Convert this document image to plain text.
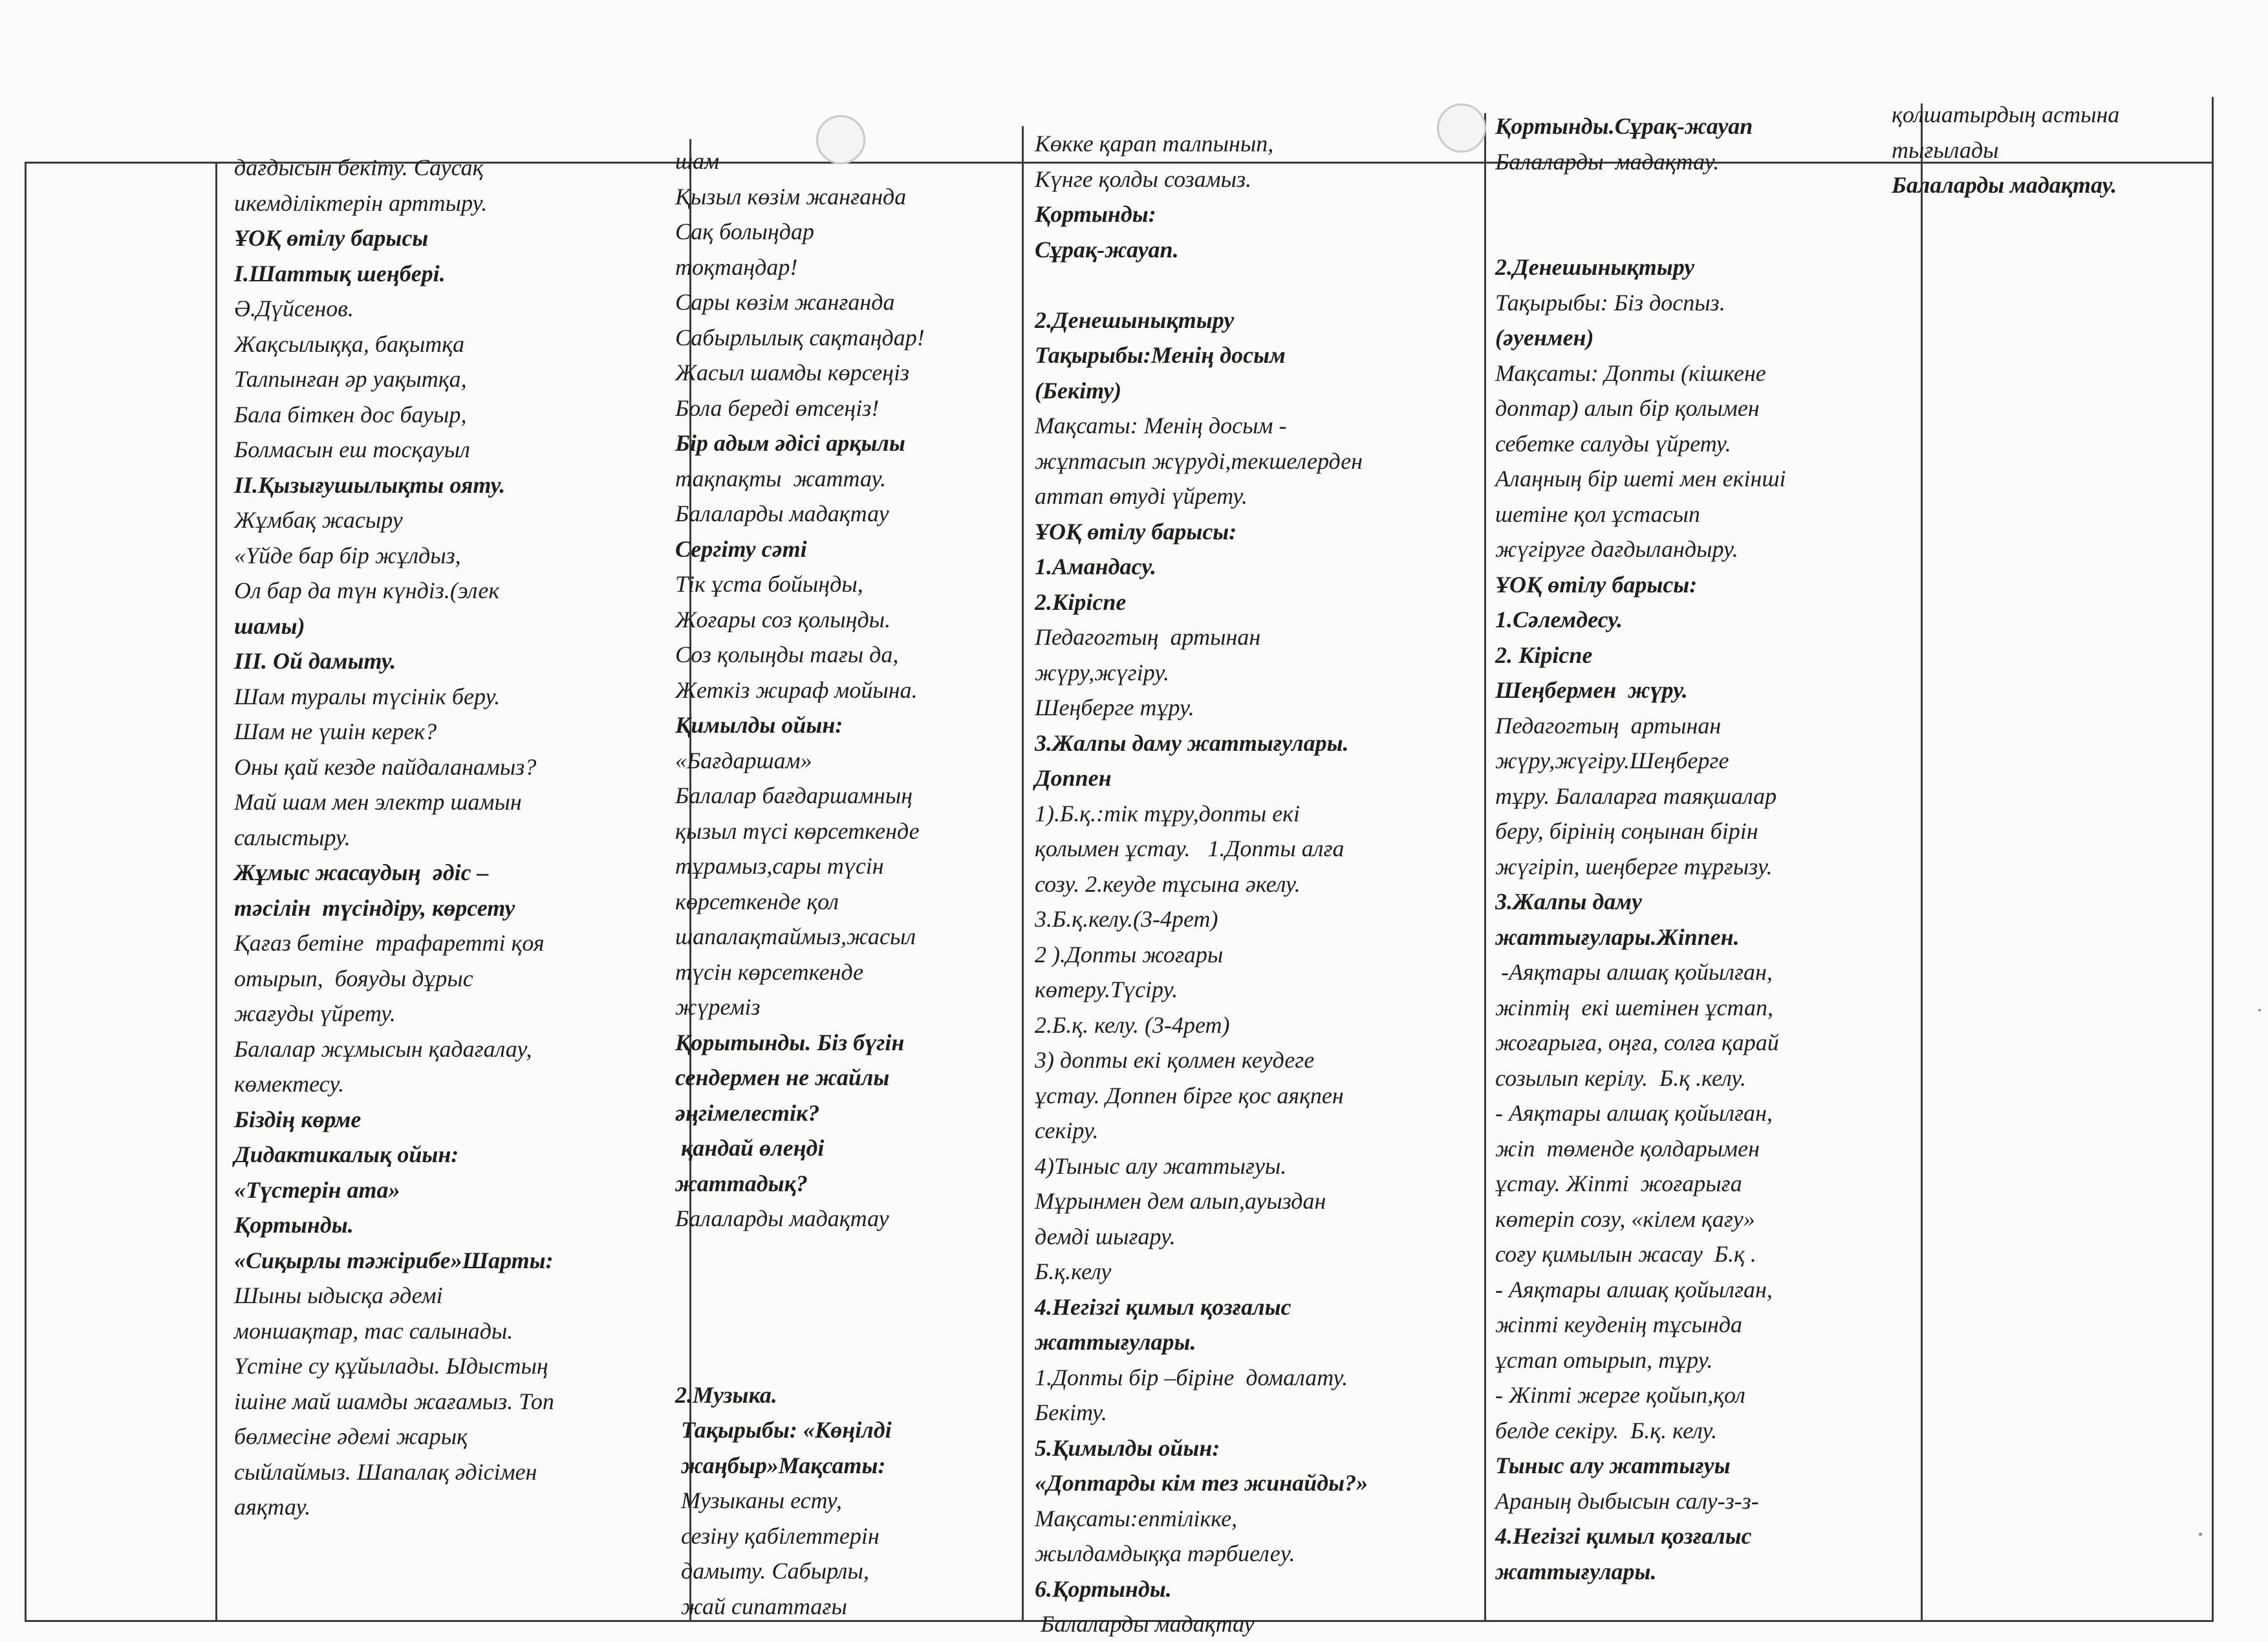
дағдысын бекіту. Саусақ
икемділіктерін арттыру.
ҰОҚ өтілу барысы
I.Шаттық шеңбері.
Ә.Дүйсенов.
Жақсылыққа, бақытқа
Талпынған әр уақытқа,
Бала біткен дос бауыр,
Болмасын еш тосқауыл
II.Қызығушылықты ояту.
Жұмбақ жасыру
«Үйде бар бір жұлдыз,
Ол бар да түн күндіз.(элек
шамы)
III. Ой дамыту.
Шам туралы түсінік беру.
Шам не үшін керек?
Оны қай кезде пайдаланамыз?
Май шам мен электр шамын
салыстыру.
Жұмыс жасаудың  әдіс –
тәсілін  түсіндіру, көрсету
Қағаз бетіне  трафаретті қоя
отырып,  бояуды дұрыс
жағуды үйрету.
Балалар жұмысын қадағалау,
көмектесу.
Біздің көрме
Дидактикалық ойын:
«Түстерін ата»
Қортынды.
«Сиқырлы тәжірибе»Шарты:
Шыны ыдысқа әдемі
моншақтар, тас салынады.
Үстіне су құйылады. Ыдыстың
ішіне май шамды жағамыз. Топ
бөлмесіне әдемі жарық
сыйлаймыз. Шапалақ әдісімен
аяқтау.
шам
Қызыл көзім жанғанда
Сақ болыңдар
тоқтаңдар!
Сары көзім жанғанда
Сабырлылық сақтаңдар!
Жасыл шамды көрсеңіз
Бола береді өтсеңіз!
Бір адым әдісі арқылы
тақпақты  жаттау.
Балаларды мадақтау
Сергіту сәті
Тік ұста бойыңды,
Жоғары соз қолыңды.
Соз қолыңды тағы да,
Жеткіз жираф мойына.
Қимылды ойын:
«Бағдаршам»
Балалар бағдаршамның
қызыл түсі көрсеткенде
тұрамыз,сары түсін
көрсеткенде қол
шапалақтаймыз,жасыл
түсін көрсеткенде
жүреміз
Қорытынды. Біз бүгін
сендермен не жайлы
әңгімелестік?
қандай өлеңді
жаттадық?
Балаларды мадақтау
2.Музыка.
Тақырыбы: «Көңілді
жаңбыр»Мақсаты:
Музыканы есту,
сезіну қабілеттерін
дамыту. Сабырлы,
жай сипаттағы
Көкке қарап талпынып,
Күнге қолды созамыз.
Қортынды:
Сұрақ-жауап.
2.Денешынықтыру
Тақырыбы:Менің досым
(Бекіту)
Мақсаты: Менің досым -
жұптасып жүруді,текшелерден
аттап өтуді үйрету.
ҰОҚ өтілу барысы:
1.Амандасу.
2.Кіріспе
Педагогтың  артынан
жүру,жүгіру.
Шеңберге тұру.
3.Жалпы даму жаттығулары.
Доппен
1).Б.қ.:тік тұру,допты екі
қолымен ұстау.   1.Допты алға
созу. 2.кеуде тұсына әкелу.
3.Б.қ.келу.(3-4рет)
2 ).Допты жоғары
көтеру.Түсіру.
2.Б.қ. келу. (3-4рет)
3) допты екі қолмен кеудеге
ұстау. Доппен бірге қос аяқпен
секіру.
4)Тыныс алу жаттығуы.
Мұрынмен дем алып,ауыздан
демді шығару.
Б.қ.келу
4.Негізгі қимыл қозғалыс
жаттығулары.
1.Допты бір –біріне  домалату.
Бекіту.
5.Қимылды ойын:
«Доптарды кім тез жинайды?»
Мақсаты:ептілікке,
жылдамдыққа тәрбиелеу.
6.Қортынды.
Балаларды мадақтау
Қортынды.Сұрақ-жауап
Балаларды  мадақтау.
2.Денешынықтыру
Тақырыбы: Біз доспыз.
(әуенмен)
Мақсаты: Допты (кішкене
доптар) алып бір қолымен
себетке салуды үйрету.
Алаңның бір шеті мен екінші
шетіне қол ұстасып
жүгіруге дағдыландыру.
ҰОҚ өтілу барысы:
1.Сәлемдесу.
2. Кіріспе
Шеңбермен  жүру.
Педагогтың  артынан
жүру,жүгіру.Шеңберге
тұру. Балаларға таяқшалар
беру, бірінің соңынан бірін
жүгіріп, шеңберге тұрғызу.
3.Жалпы даму
жаттығулары.Жіппен.
-Аяқтары алшақ қойылған,
жіптің  екі шетінен ұстап,
жоғарыға, оңға, солға қарай
созылып керілу.  Б.қ .келу.
- Аяқтары алшақ қойылған,
жіп  төменде қолдарымен
ұстау. Жіпті  жоғарыға
көтеріп созу, «кілем қағу»
соғу қимылын жасау  Б.қ .
- Аяқтары алшақ қойылған,
жіпті кеуденің тұсында
ұстап отырып, тұру.
- Жіпті жерге қойып,қол
белде секіру.  Б.қ. келу.
Тыныс алу жаттығуы
Араның дыбысын салу-з-з-
4.Негізгі қимыл қозғалыс
жаттығулары.
қолшатырдың астына
тығылады
Балаларды мадақтау.
